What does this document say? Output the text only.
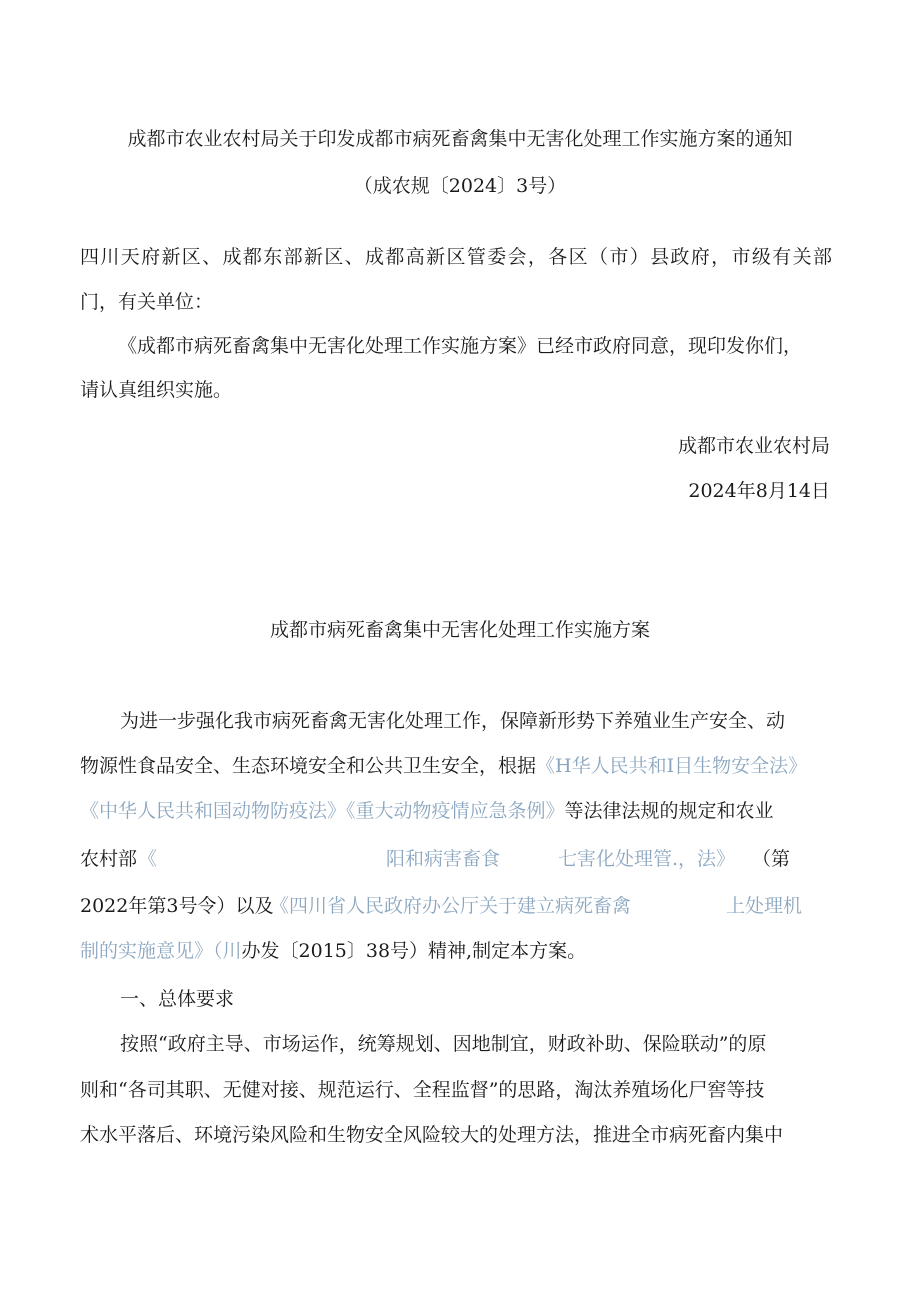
成都市农业农村局关于印发成都市病死畜禽集中无害化处理工作实施方案的通知
（成农规〔2024〕3号）
四 川 天 府 新 区 、 成 都 东 部 新 区 、 成 都 高 新 区 管 委 会 ， 各 区 （ 市 ） 县 政 府 ， 市 级 有 关 部
门，有关单位：
《成都市病死畜禽集中无害化处理工作实施方案》已经市政府同意，现印发你们，
请认真组织实施。
成都市农业农村局
2024年8月14日
成都市病死畜禽集中无害化处理工作实施方案
为进一步强化我市病死畜禽无害化处理工作，保障新形势下养殖业生产安全、动
物源性食品安全、生态环境安全和公共卫生安全，根据《H华人民共和I目生物安全法》
《中华人民共和国动物防疫法》《重大动物疫情应急条例》等法律法规的规定和农业
农村部 《	阳和病害畜食	七害化处理管.，法》 （第
2022年第3号令）以及
《四川省人民政府办公厅关于建立病死畜禽	上处理机
制的实施意见》（川办发〔2015〕38号）精神,制定本方案。
一、总体要求
按照“政府主导、市场运作，统筹规划、因地制宜，财政补助、保险联动”的原
则和“各司其职、无健对接、规范运行、全程监督”的思路，淘汰养殖场化尸窖等技
术水平落后、环境污染风险和生物安全风险较大的处理方法，推进全市病死畜内集中
